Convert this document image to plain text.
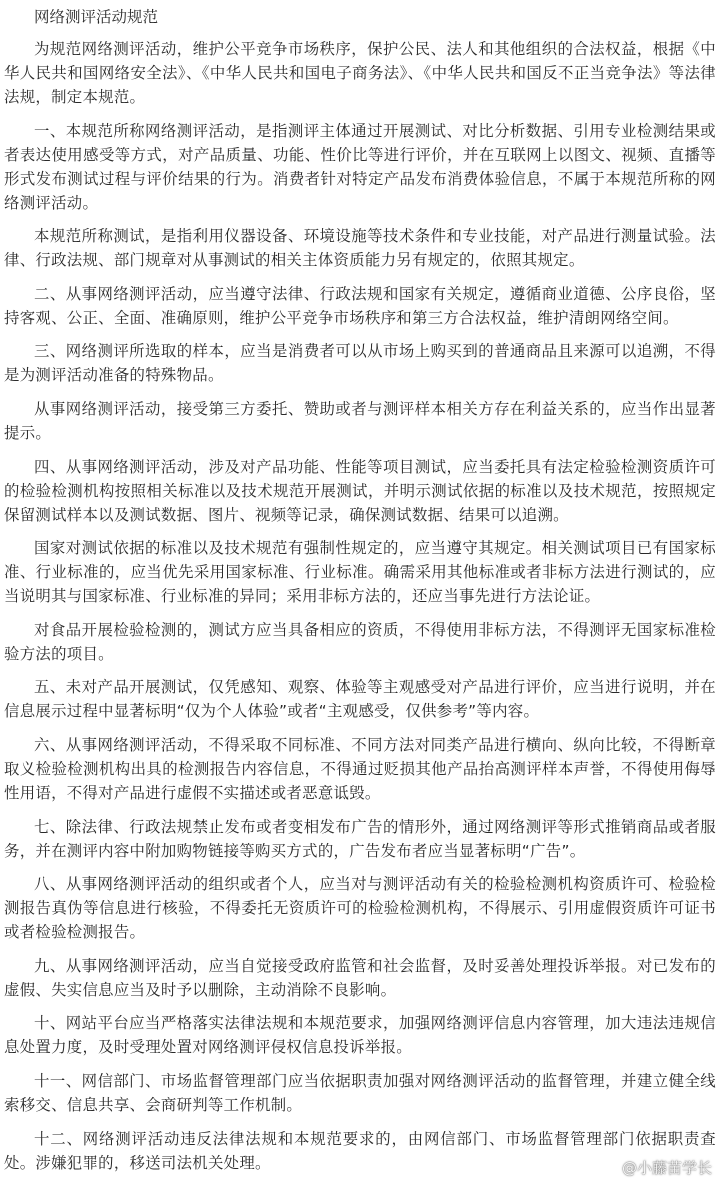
网络测评活动规范

为规范网络测评活动，维护公平竞争市场秩序，保护公民、法人和其他组织的合法权益，根据《中华人民共和国网络安全法》、《中华人民共和国电子商务法》、《中华人民共和国反不正当竞争法》等法律法规，制定本规范。

一、本规范所称网络测评活动，是指测评主体通过开展测试、对比分析数据、引用专业检测结果或者表达使用感受等方式，对产品质量、功能、性价比等进行评价，并在互联网上以图文、视频、直播等形式发布测试过程与评价结果的行为。消费者针对特定产品发布消费体验信息，不属于本规范所称的网络测评活动。

本规范所称测试，是指利用仪器设备、环境设施等技术条件和专业技能，对产品进行测量试验。法律、行政法规、部门规章对从事测试的相关主体资质能力另有规定的，依照其规定。

二、从事网络测评活动，应当遵守法律、行政法规和国家有关规定，遵循商业道德、公序良俗，坚持客观、公正、全面、准确原则，维护公平竞争市场秩序和第三方合法权益，维护清朗网络空间。

三、网络测评所选取的样本，应当是消费者可以从市场上购买到的普通商品且来源可以追溯，不得是为测评活动准备的特殊物品。

从事网络测评活动，接受第三方委托、赞助或者与测评样本相关方存在利益关系的，应当作出显著提示。

四、从事网络测评活动，涉及对产品功能、性能等项目测试，应当委托具有法定检验检测资质许可的检验检测机构按照相关标准以及技术规范开展测试，并明示测试依据的标准以及技术规范，按照规定保留测试样本以及测试数据、图片、视频等记录，确保测试数据、结果可以追溯。

国家对测试依据的标准以及技术规范有强制性规定的，应当遵守其规定。相关测试项目已有国家标准、行业标准的，应当优先采用国家标准、行业标准。确需采用其他标准或者非标方法进行测试的，应当说明其与国家标准、行业标准的异同；采用非标方法的，还应当事先进行方法论证。

对食品开展检验检测的，测试方应当具备相应的资质，不得使用非标方法，不得测评无国家标准检验方法的项目。

五、未对产品开展测试，仅凭感知、观察、体验等主观感受对产品进行评价，应当进行说明，并在信息展示过程中显著标明“仅为个人体验”或者“主观感受，仅供参考”等内容。

六、从事网络测评活动，不得采取不同标准、不同方法对同类产品进行横向、纵向比较，不得断章取义检验检测机构出具的检测报告内容信息，不得通过贬损其他产品抬高测评样本声誉，不得使用侮辱性用语，不得对产品进行虚假不实描述或者恶意诋毁。

七、除法律、行政法规禁止发布或者变相发布广告的情形外，通过网络测评等形式推销商品或者服务，并在测评内容中附加购物链接等购买方式的，广告发布者应当显著标明“广告”。

八、从事网络测评活动的组织或者个人，应当对与测评活动有关的检验检测机构资质许可、检验检测报告真伪等信息进行核验，不得委托无资质许可的检验检测机构，不得展示、引用虚假资质许可证书或者检验检测报告。

九、从事网络测评活动，应当自觉接受政府监管和社会监督，及时妥善处理投诉举报。对已发布的虚假、失实信息应当及时予以删除，主动消除不良影响。

十、网站平台应当严格落实法律法规和本规范要求，加强网络测评信息内容管理，加大违法违规信息处置力度，及时受理处置对网络测评侵权信息投诉举报。

十一、网信部门、市场监督管理部门应当依据职责加强对网络测评活动的监督管理，并建立健全线索移交、信息共享、会商研判等工作机制。

十二、网络测评活动违反法律法规和本规范要求的，由网信部门、市场监督管理部门依据职责查处。涉嫌犯罪的，移送司法机关处理。	@小藤苗学长
